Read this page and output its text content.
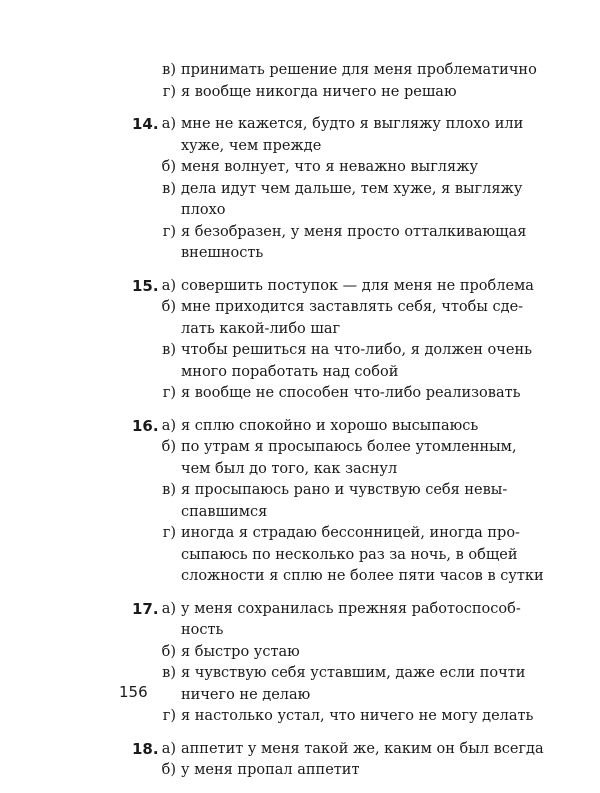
в) принимать решение для меня проблематично
г) я вообще никогда ничего не решаю
14. а) мне не кажется, будто я выгляжу плохо или
хуже, чем прежде
б) меня волнует, что я неважно выгляжу
в) дела идут чем дальше, тем хуже, я выгляжу
плохо
г) я безобразен, у меня просто отталкивающая
внешность
15. а) совершить поступок — для меня не проблема
б) мне приходится заставлять себя, чтобы сде-
лать какой-либо шаг
в) чтобы решиться на что-либо, я должен очень
много поработать над собой
г) я вообще не способен что-либо реализовать
16. а) я сплю спокойно и хорошо высыпаюсь
б) по утрам я просыпаюсь более утомленным,
чем был до того, как заснул
в) я просыпаюсь рано и чувствую себя невы-
спавшимся
г) иногда я страдаю бессонницей, иногда про-
сыпаюсь по несколько раз за ночь, в общей
сложности я сплю не более пяти часов в сутки
17. а) у меня сохранилась прежняя работоспособ-
ность
б) я быстро устаю
в) я чувствую себя уставшим, даже если почти
ничего не делаю
г) я настолько устал, что ничего не могу делать
18. а) аппетит у меня такой же, каким он был всегда
б) у меня пропал аппетит
156
